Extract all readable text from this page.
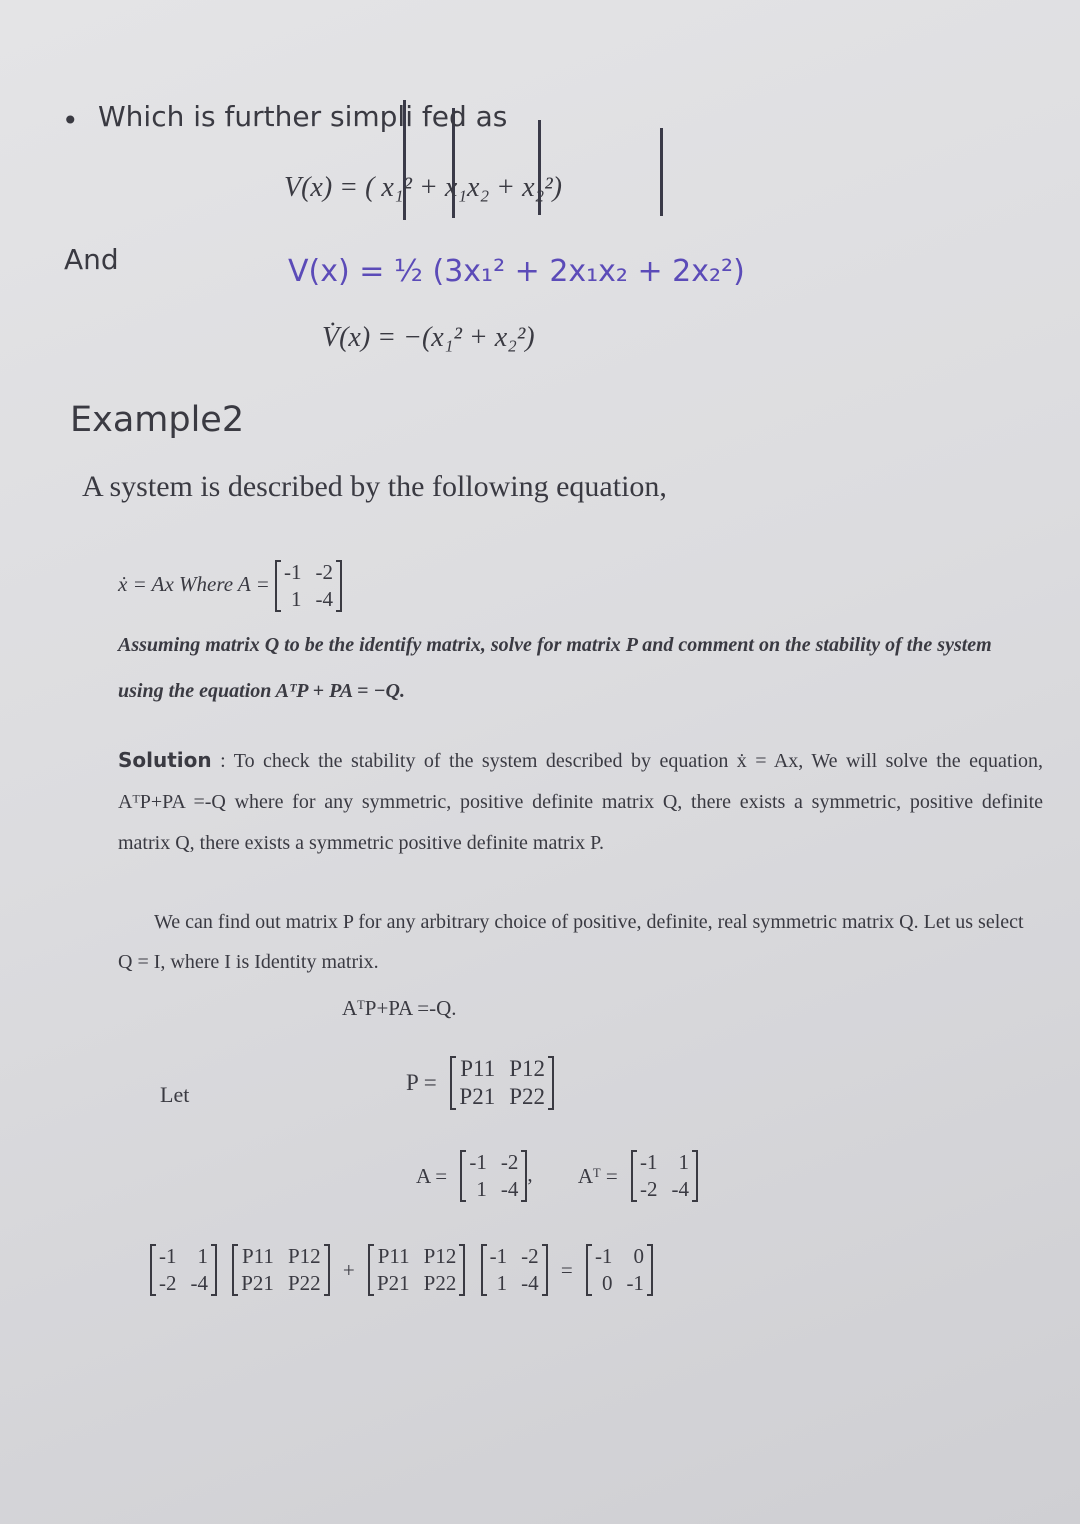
• Which is further simpli fed as
V(x) = ( x₁² + x₁x₂ + x₂²)
And	V(x) = ½ (3x₁² + 2x₁x₂ + 2x₂²)
V̇(x) = −(x₁² + x₂²)
Example2
A system is described by the following equation,
ẋ = Ax Where A = -1 -2
1 -4
Assuming matrix Q to be the identify matrix, solve for matrix P and comment on the stability of the system using the equation AᵀP + PA = −Q.
Solution : To check the stability of the system described by equation ẋ = Ax, We will solve the equation, AᵀP+PA =-Q where for any symmetric, positive definite matrix Q, there exists a symmetric, positive definite matrix Q, there exists a symmetric positive definite matrix P.
We can find out matrix P for any arbitrary choice of positive, definite, real symmetric matrix Q. Let us select Q = I, where I is Identity matrix.
AᵀP+PA =-Q.
Let	P =
P11 P12
P21 P22
A =
-1 -2
1 -4
, Aᵀ =
-1	1
-2 -4
-1	1
-2 -4

P11 P12
P21 P22
+
P11 P12
P21 P22

-1 -2
1 -4
=
-1	0
0 -1
